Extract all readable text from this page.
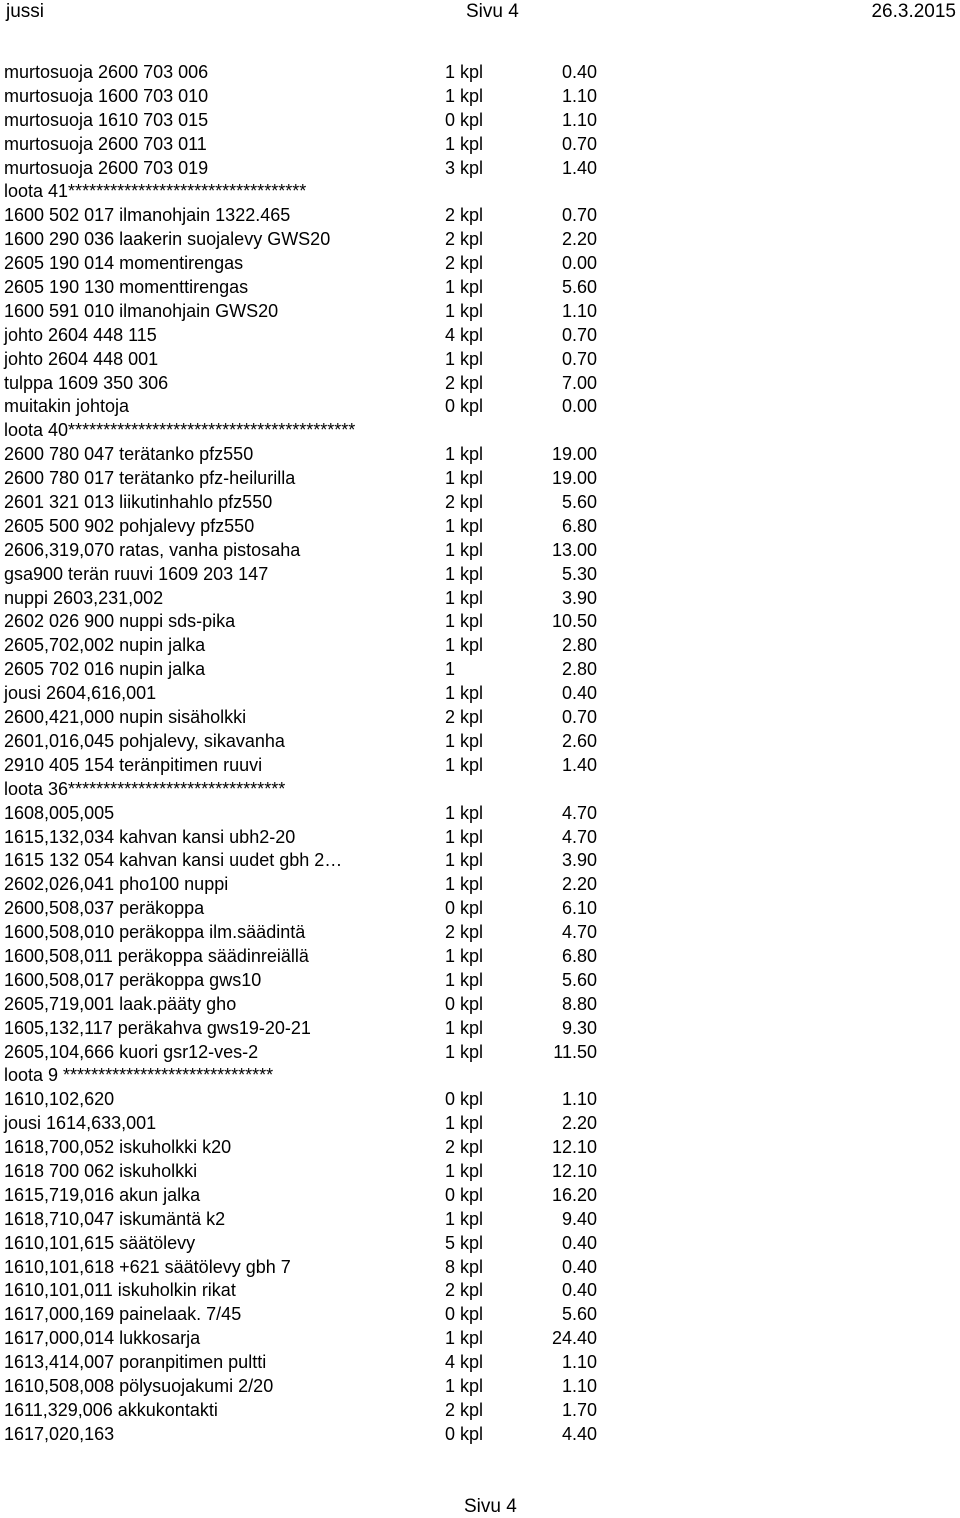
jussi	Sivu 4	26.3.2015
murtosuoja 2600 703 006	1 kpl	0.40
murtosuoja 1600 703 010	1 kpl	1.10
murtosuoja 1610 703 015	0 kpl	1.10
murtosuoja 2600 703 011	1 kpl	0.70
murtosuoja 2600 703 019	3 kpl	1.40
loota 41**********************************
1600 502 017 ilmanohjain 1322.465	2 kpl	0.70
1600 290 036 laakerin suojalevy GWS20	2 kpl	2.20
2605 190 014 momentirengas	2 kpl	0.00
2605 190 130 momenttirengas	1 kpl	5.60
1600 591 010 ilmanohjain GWS20	1 kpl	1.10
johto 2604 448 115	4 kpl	0.70
johto 2604 448 001	1 kpl	0.70
tulppa 1609 350 306	2 kpl	7.00
muitakin johtoja	0 kpl	0.00
loota 40*****************************************
2600 780 047 terätanko pfz550	1 kpl	19.00
2600 780 017 terätanko pfz-heilurilla	1 kpl	19.00
2601 321 013 liikutinhahlo pfz550	2 kpl	5.60
2605 500 902 pohjalevy pfz550	1 kpl	6.80
2606,319,070 ratas, vanha pistosaha	1 kpl	13.00
gsa900 terän ruuvi 1609 203 147	1 kpl	5.30
nuppi 2603,231,002	1 kpl	3.90
2602 026 900 nuppi sds-pika	1 kpl	10.50
2605,702,002 nupin jalka	1 kpl	2.80
2605 702 016 nupin jalka	1	2.80
jousi 2604,616,001	1 kpl	0.40
2600,421,000 nupin sisäholkki	2 kpl	0.70
2601,016,045 pohjalevy, sikavanha	1 kpl	2.60
2910 405 154 teränpitimen ruuvi	1 kpl	1.40
loota 36*******************************
1608,005,005	1 kpl	4.70
1615,132,034 kahvan kansi ubh2-20	1 kpl	4.70
1615 132 054 kahvan kansi uudet gbh 2…	1 kpl	3.90
2602,026,041 pho100 nuppi	1 kpl	2.20
2600,508,037 peräkoppa	0 kpl	6.10
1600,508,010 peräkoppa ilm.säädintä	2 kpl	4.70
1600,508,011 peräkoppa säädinreiällä	1 kpl	6.80
1600,508,017 peräkoppa gws10	1 kpl	5.60
2605,719,001 laak.pääty gho	0 kpl	8.80
1605,132,117 peräkahva gws19-20-21	1 kpl	9.30
2605,104,666 kuori gsr12-ves-2	1 kpl	11.50
loota 9 ******************************
1610,102,620	0 kpl	1.10
jousi 1614,633,001	1 kpl	2.20
1618,700,052 iskuholkki k20	2 kpl	12.10
1618 700 062 iskuholkki	1 kpl	12.10
1615,719,016 akun jalka	0 kpl	16.20
1618,710,047 iskumäntä k2	1 kpl	9.40
1610,101,615 säätölevy	5 kpl	0.40
1610,101,618 +621 säätölevy gbh 7	8 kpl	0.40
1610,101,011 iskuholkin rikat	2 kpl	0.40
1617,000,169 painelaak. 7/45	0 kpl	5.60
1617,000,014 lukkosarja	1 kpl	24.40
1613,414,007 poranpitimen pultti	4 kpl	1.10
1610,508,008 pölysuojakumi 2/20	1 kpl	1.10
1611,329,006 akkukontakti	2 kpl	1.70
1617,020,163	0 kpl	4.40
Sivu 4
